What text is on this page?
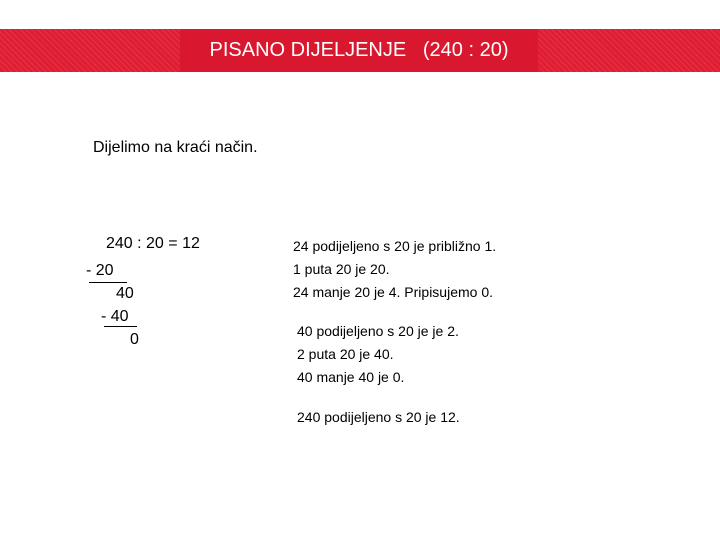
PISANO DIJELJENJE   (240 : 20)
Dijelimo na kraći način.
240 : 20 = 12
- 20
40
- 40
0
24 podijeljeno s 20 je približno 1.
1 puta 20 je 20.
24 manje 20 je 4. Pripisujemo 0.
40 podijeljeno s 20 je je 2.
2 puta 20 je 40.
40 manje 40 je 0.
240 podijeljeno s 20 je 12.
